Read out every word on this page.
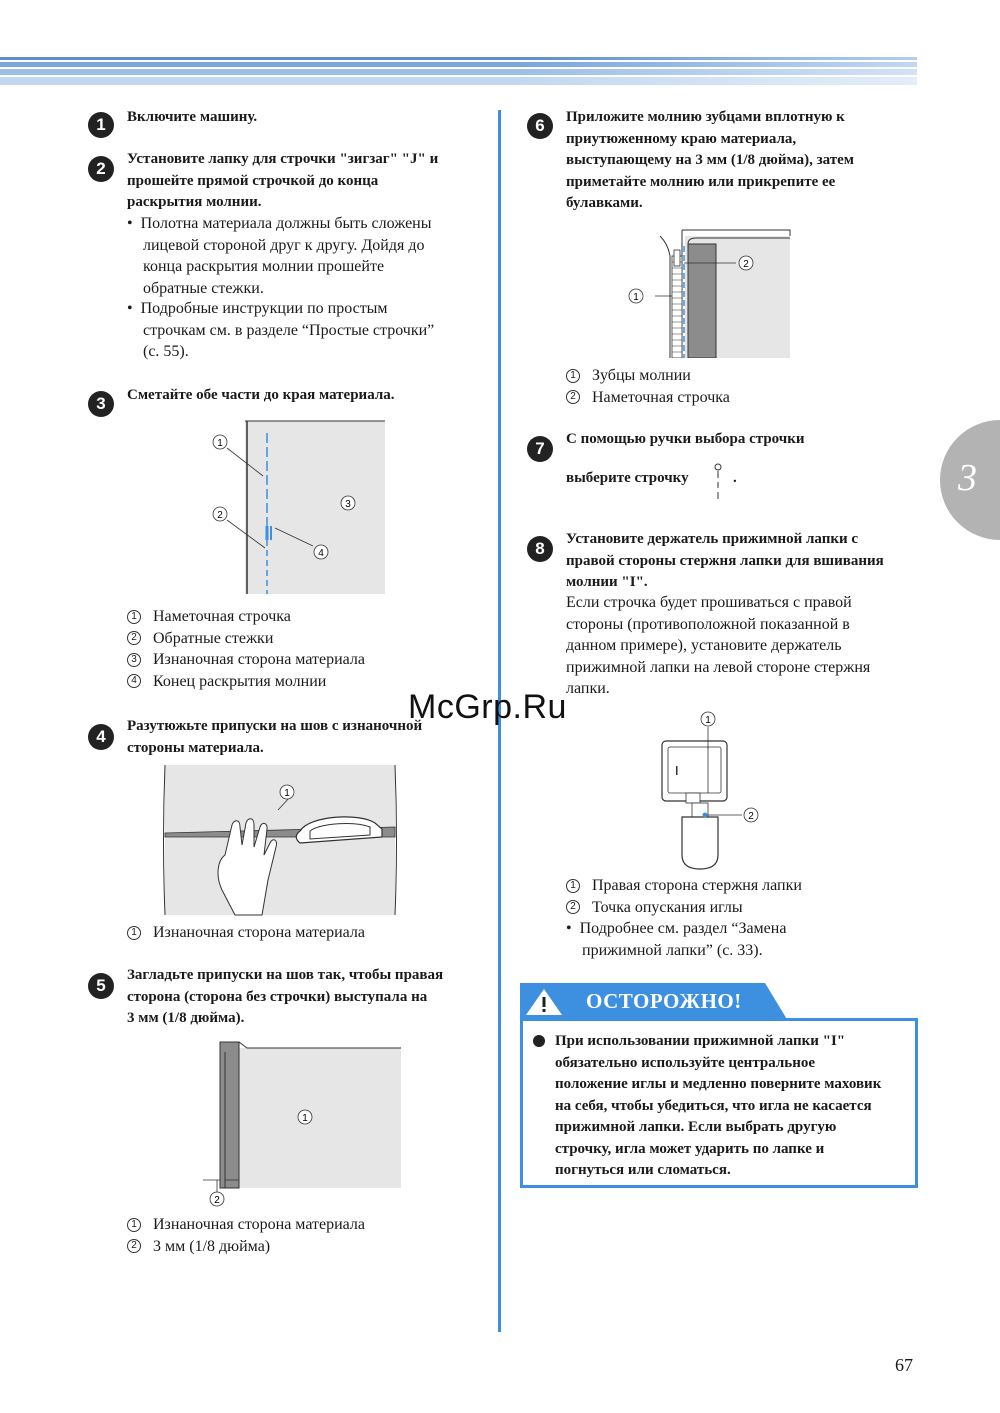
3
1	Включите машину.
2	Установите лапку для строчки "зигзаг" "J" и
прошейте прямой строчкой до конца
раскрытия молнии.
• Полотна материала должны быть сложены
лицевой стороной друг к другу. Дойдя до
конца раскрытия молнии прошейте
обратные стежки.
• Подробные инструкции по простым
строчкам см. в разделе “Простые строчки”
(с. 55).
3	Сметайте обе части до края материала.
1
2
3
4
1 Наметочная строчка
2 Обратные стежки
3 Изнаночная сторона материала
4 Конец раскрытия молнии
4
Разутюжьте припуски на шов с изнаночной
стороны материала.
1
1 Изнаночная сторона материала
5
Загладьте припуски на шов так, чтобы правая
сторона (сторона без строчки) выступала на
3 мм (1/8 дюйма).
1
2
1 Изнаночная сторона материала
2 3 мм (1/8 дюйма)
6	Приложите молнию зубцами вплотную к
приутюженному краю материала,
выступающему на 3 мм (1/8 дюйма), затем
приметайте молнию или прикрепите ее
булавками.
1
2
1 Зубцы молнии
2 Наметочная строчка
7	С помощью ручки выбора строчки
выберите строчку	.
8	Установите держатель прижимной лапки с
правой стороны стержня лапки для вшивания
молнии "I".
Если строчка будет прошиваться с правой
стороны (противоположной показанной в
данном примере), установите держатель
прижимной лапки на левой стороне стержня
лапки.
I
1
2
1 Правая сторона стержня лапки
2 Точка опускания иглы
• Подробнее см. раздел “Замена
прижимной лапки” (с. 33).
ОСТОРОЖНО!
При использовании прижимной лапки "I"
обязательно используйте центральное
положение иглы и медленно поверните маховик
на себя, чтобы убедиться, что игла не касается
прижимной лапки. Если выбрать другую
строчку, игла может ударить по лапке и
погнуться или сломаться.
McGrp.Ru
67
